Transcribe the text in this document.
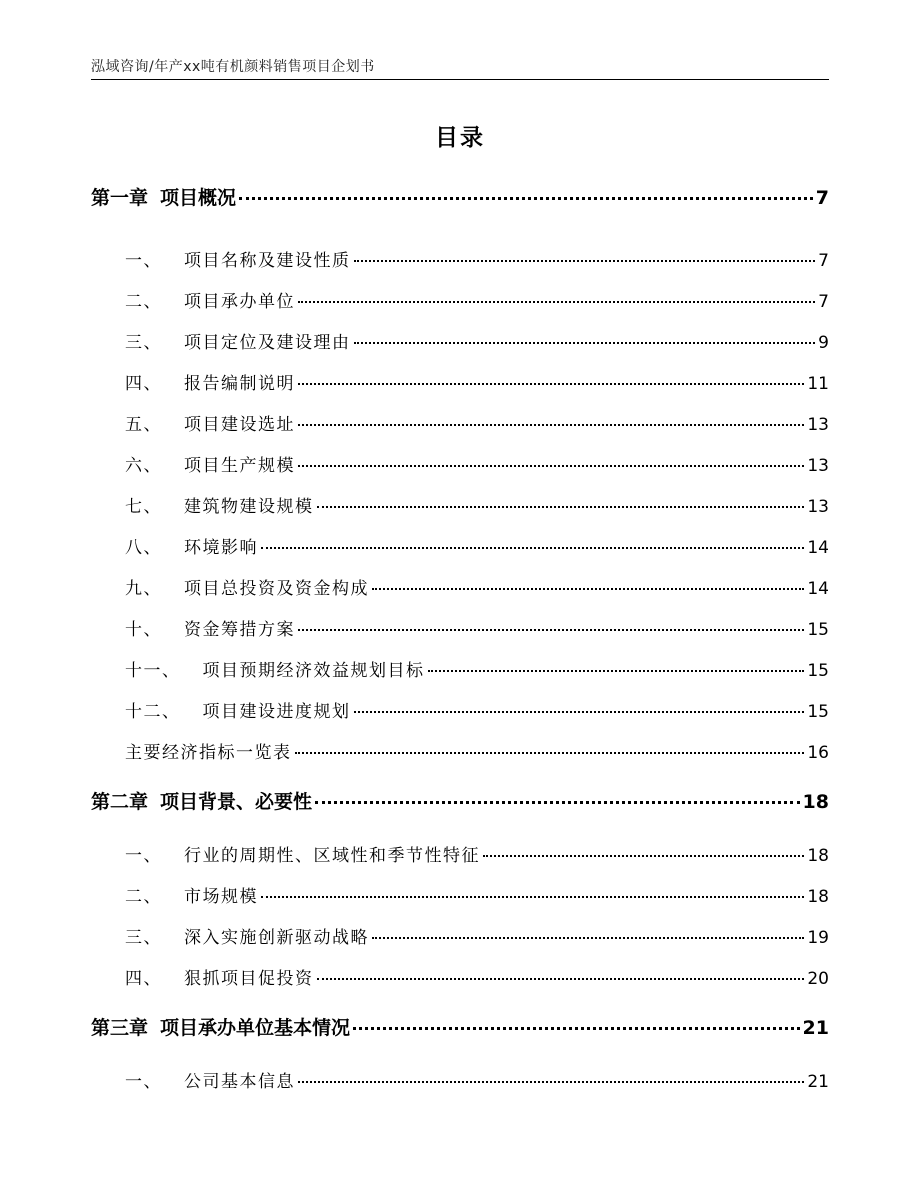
泓域咨询/年产xx吨有机颜料销售项目企划书
目录
第一章 项目概况	7
一、 项目名称及建设性质	7
二、 项目承办单位	7
三、 项目定位及建设理由	9
四、 报告编制说明	11
五、 项目建设选址	13
六、 项目生产规模	13
七、 建筑物建设规模	13
八、 环境影响	14
九、 项目总投资及资金构成	14
十、 资金筹措方案	15
十一、 项目预期经济效益规划目标	15
十二、 项目建设进度规划	15
主要经济指标一览表	16
第二章 项目背景、必要性	18
一、 行业的周期性、区域性和季节性特征	18
二、 市场规模	18
三、 深入实施创新驱动战略	19
四、 狠抓项目促投资	20
第三章 项目承办单位基本情况	21
一、 公司基本信息	21
